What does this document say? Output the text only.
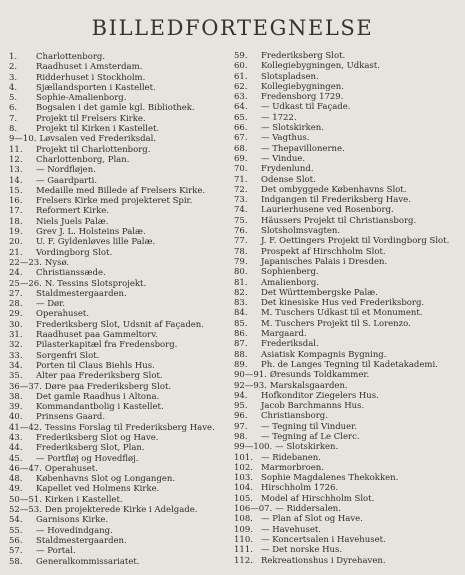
BILLEDFORTEGNELSE
1. Charlottenborg.
2. Raadhuset i Amsterdam.
3. Ridderhuset i Stockholm.
4. Sjællandsporten i Kastellet.
5. Sophie-Amalienborg.
6. Bogsalen i det gamle kgl. Bibliothek.
7. Projekt til Frelsers Kirke.
8. Projekt til Kirken i Kastellet.
9—10. Løvsalen ved Frederiksdal.
11. Projekt til Charlottenborg.
12. Charlottenborg, Plan.
13. — Nordfløjen.
14. — Gaardparti.
15. Medaille med Billede af Frelsers Kirke.
16. Frelsers Kirke med projekteret Spir.
17. Reformert Kirke.
18. Niels Juels Palæ.
19. Grev J. L. Holsteins Palæ.
20. U. F. Gyldenløves lille Palæ.
21. Vordingborg Slot.
22—23. Nysø.
24. Christianssæde.
25—26. N. Tessins Slotsprojekt.
27. Staldmestergaarden.
28. — Dør.
29. Operahuset.
30. Frederiksberg Slot, Udsnit af Façaden.
31. Raadhuset paa Gammeltorv.
32. Pilasterkapitæl fra Fredensborg.
33. Sorgenfri Slot.
34. Porten til Claus Biehls Hus.
35. Alter paa Frederiksberg Slot.
36—37. Døre paa Frederiksberg Slot.
38. Det gamle Raadhus i Altona.
39. Kommandantbolig i Kastellet.
40. Prinsens Gaard.
41—42. Tessins Forslag til Frederiksberg Have.
43. Frederiksberg Slot og Have.
44. Frederiksberg Slot, Plan.
45. — Portfløj og Hovedfløj.
46—47. Operahuset.
48. Københavns Slot og Longangen.
49. Kapellet ved Holmens Kirke.
50—51. Kirken i Kastellet.
52—53. Den projekterede Kirke i Adelgade.
54. Garnisons Kirke.
55. — Hovedindgang.
56. Staldmestergaarden.
57. — Portal.
58. Generalkommissariatet.
59. Frederiksberg Slot.
60. Kollegiebygningen, Udkast.
61. Slotspladsen.
62. Kollegiebygningen.
63. Fredensborg 1729.
64. — Udkast til Façade.
65. — 1722.
66. — Slotskirken.
67. — Vagthus.
68. — Thepavillonerne.
69. — Vindue.
70. Frydenlund.
71. Odense Slot.
72. Det ombyggede Københavns Slot.
73. Indgangen til Frederiksberg Have.
74. Laurierhusene ved Rosenborg.
75. Häussers Projekt til Christiansborg.
76. Slotsholmsvagten.
77. J. F. Oettingers Projekt til Vordingborg Slot.
78. Prospekt af Hirschholm Slot.
79. Japanisches Palais i Dresden.
80. Sophienberg.
81. Amalienborg.
82. Det Württembergske Palæ.
83. Det kinesiske Hus ved Frederiksborg.
84. M. Tuschers Udkast til et Monument.
85. M. Tuschers Projekt til S. Lorenzo.
86. Margaard.
87. Frederiksdal.
88. Asiatisk Kompagnis Bygning.
89. Ph. de Langes Tegning til Kadetakademi.
90—91. Øresunds Toldkammer.
92—93. Marskalsgaarden.
94. Hofkonditor Ziegelers Hus.
95. Jacob Barchmanns Hus.
96. Christiansborg.
97. — Tegning til Vinduer.
98. — Tegning af Le Clerc.
99—100. — Slotskirken.
101. — Ridebanen.
102. Marmorbroen.
103. Sophie Magdalenes Thekokken.
104. Hirschholm 1726.
105. Model af Hirschholm Slot.
106—07. — Riddersalen.
108. — Plan af Slot og Have.
109. — Havehuset.
110. — Koncertsalen i Havehuset.
111. — Det norske Hus.
112. Rekreationshus i Dyrehaven.
